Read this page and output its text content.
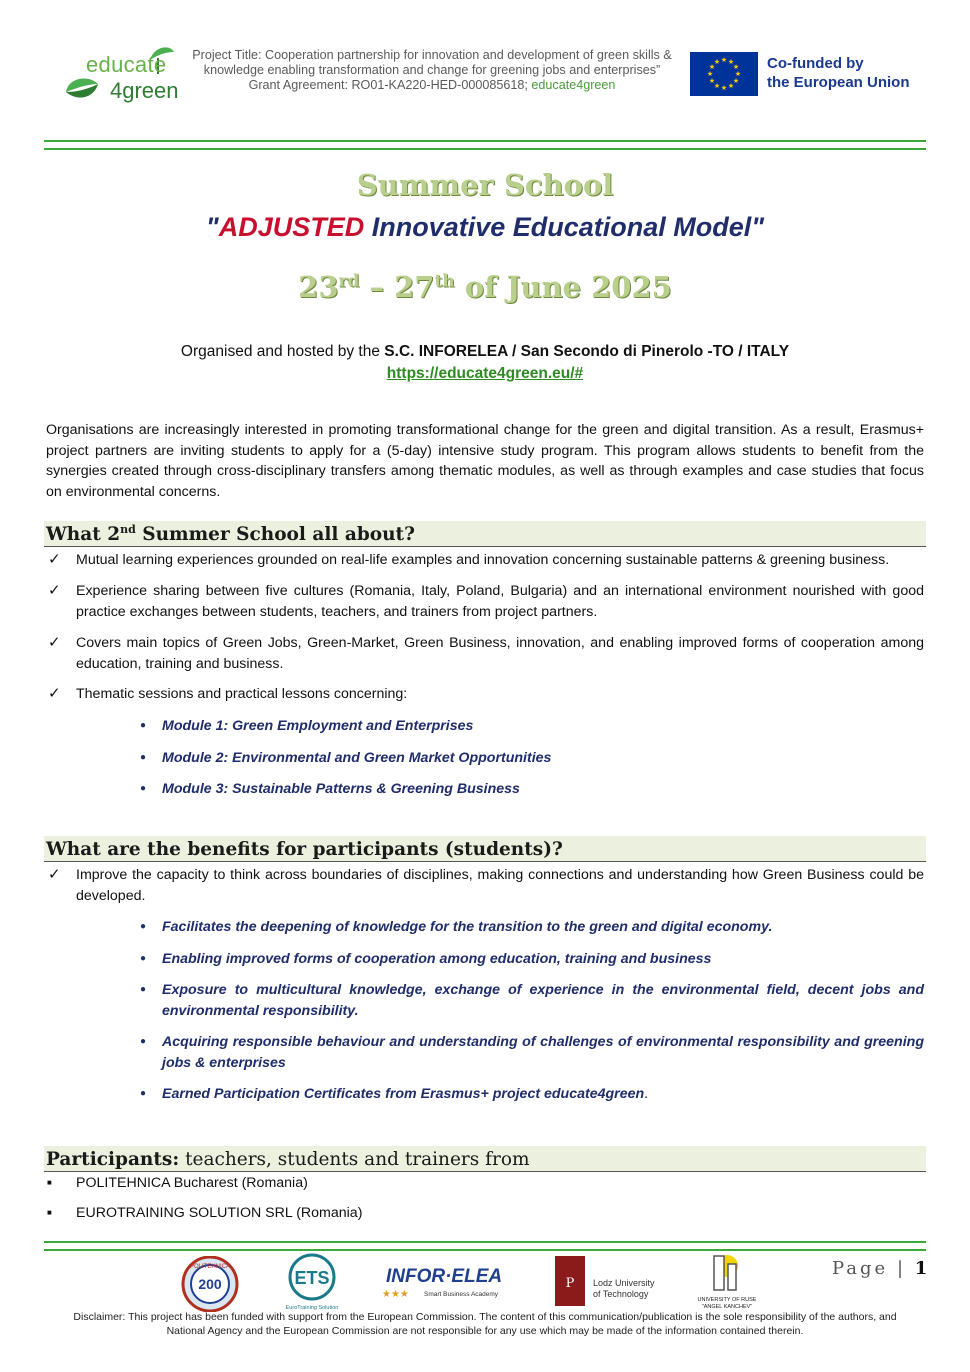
educate
4green
Project Title: Cooperation partnership for innovation and development of green skills &
knowledge enabling transformation and change for greening jobs and enterprises”
Grant Agreement: RO01-KA220-HED-000085618; educate4green
★ ★
★
★
★
★
★
★
★
★
★
★	Co-funded by
the European Union
Summer School
"ADJUSTED Innovative Educational Model"
23rd – 27th of June 2025
Organised and hosted by the S.C. INFORELEA / San Secondo di Pinerolo -TO / ITALY
https://educate4green.eu/#
Organisations are increasingly interested in promoting transformational change for the green and digital transition. As a result, Erasmus+ project partners are inviting students to apply for a (5-day) intensive study program. This program allows students to benefit from the synergies created through cross-disciplinary transfers among thematic modules, as well as through examples and case studies that focus on environmental concerns.
What 2nd Summer School all about?
✓ Mutual learning experiences grounded on real-life examples and innovation concerning sustainable patterns & greening business.
✓ Experience sharing between five cultures (Romania, Italy, Poland, Bulgaria) and an international environment nourished with good practice exchanges between students, teachers, and trainers from project partners.
✓ Covers main topics of Green Jobs, Green-Market, Green Business, innovation, and enabling improved forms of cooperation among education, training and business.
✓ Thematic sessions and practical lessons concerning:
● Module 1: Green Employment and Enterprises
● Module 2: Environmental and Green Market Opportunities
● Module 3: Sustainable Patterns & Greening Business
What are the benefits for participants (students)?
✓ Improve the capacity to think across boundaries of disciplines, making connections and understanding how Green Business could be developed.
● Facilitates the deepening of knowledge for the transition to the green and digital economy.
● Enabling improved forms of cooperation among education, training and business
● Exposure to multicultural knowledge, exchange of experience in the environmental field, decent jobs and environmental responsibility.
● Acquiring responsible behaviour and understanding of challenges of environmental responsibility and greening jobs & enterprises
● Earned Participation Certificates from Erasmus+ project educate4green.
Participants: teachers, students and trainers from
■ POLITEHNICA Bucharest (Romania)
■ EUROTRAINING SOLUTION SRL (Romania)
200
POLITEHNICA
ETS
EuroTraining Solution
INFOR·ELEA
★★★ Smart Business Academy
P Lodz University
of Technology
UNIVERSITY OF RUSE
"ANGEL KANCHEV"
Page | 1
Disclaimer: This project has been funded with support from the European Commission. The content of this communication/publication is the sole responsibility of the authors, and National Agency and the European Commission are not responsible for any use which may be made of the information contained therein.
